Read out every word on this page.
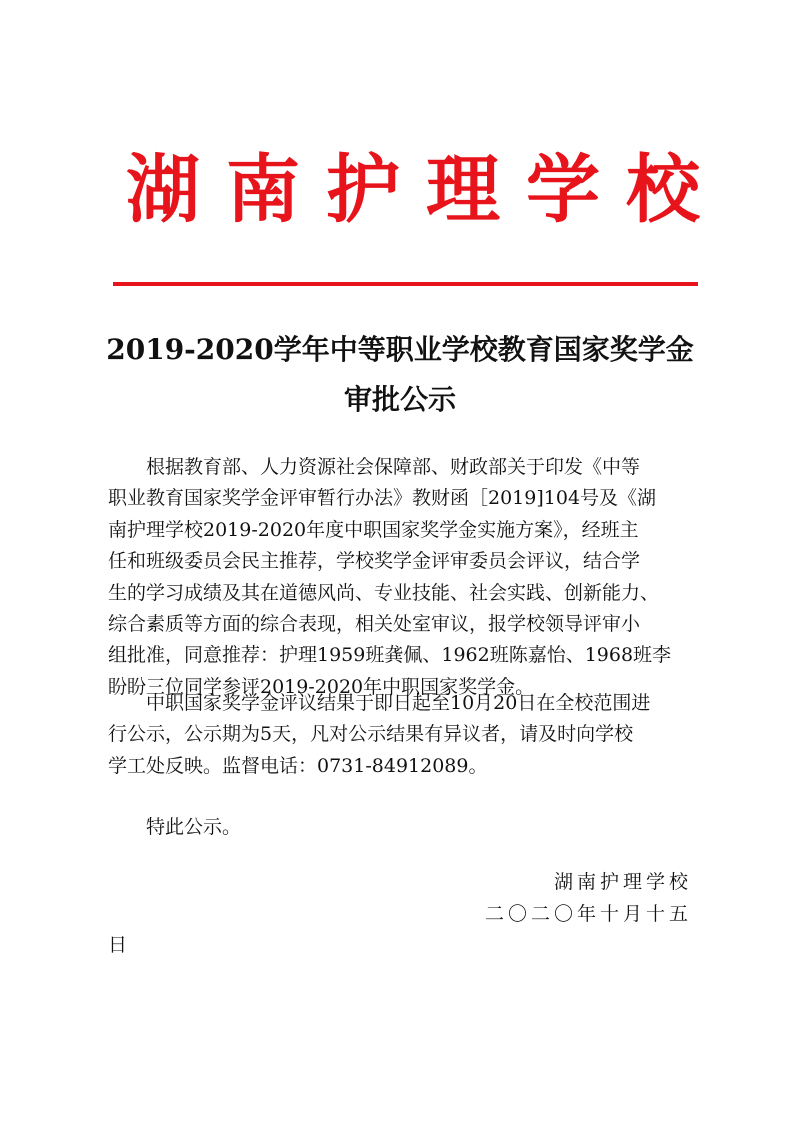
湖南护理学校
2019-2020学年中等职业学校教育国家奖学金
审批公示
　　根据教育部、人力资源社会保障部、财政部关于印发《中等
职业教育国家奖学金评审暂行办法》教财函［2019]104号及《湖
南护理学校2019-2020年度中职国家奖学金实施方案》，经班主
任和班级委员会民主推荐，学校奖学金评审委员会评议，结合学
生的学习成绩及其在道德风尚、专业技能、社会实践、创新能力、
综合素质等方面的综合表现，相关处室审议，报学校领导评审小
组批准，同意推荐：护理1959班龚佩、1962班陈嘉怡、1968班李
盼盼三位同学参评2019-2020年中职国家奖学金。
　　中职国家奖学金评议结果于即日起至10月20日在全校范围进
行公示，公示期为5天，凡对公示结果有异议者，请及时向学校
学工处反映。监督电话：0731-84912089。
　　特此公示。
湖南护理学校
二〇二〇年十月十五
日
